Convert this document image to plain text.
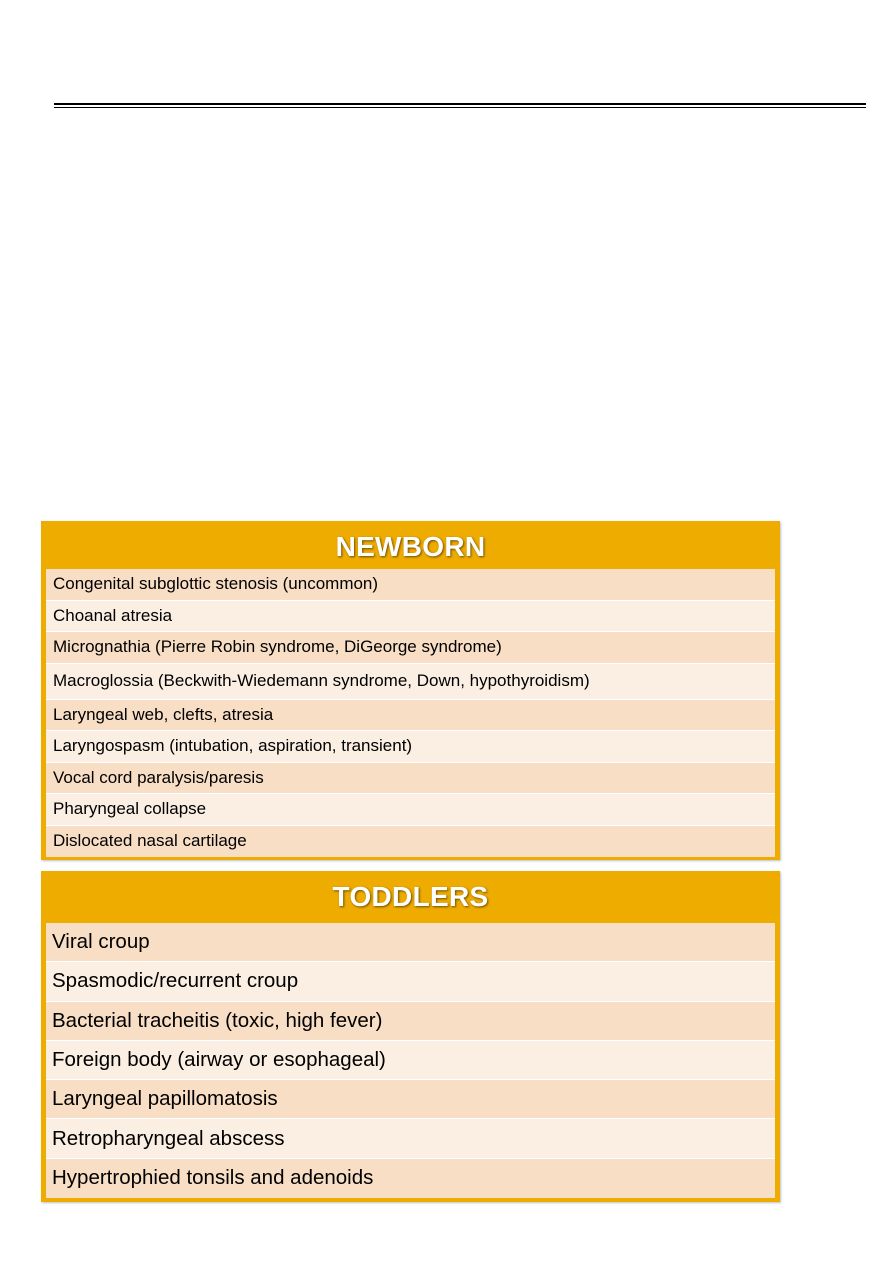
NEWBORN
Congenital subglottic stenosis (uncommon)
Choanal atresia
Micrognathia (Pierre Robin syndrome, DiGeorge syndrome)
Macroglossia (Beckwith-Wiedemann syndrome, Down, hypothyroidism)
Laryngeal web, clefts, atresia
Laryngospasm (intubation, aspiration, transient)
Vocal cord paralysis/paresis
Pharyngeal collapse
Dislocated nasal cartilage
TODDLERS
Viral croup
Spasmodic/recurrent croup
Bacterial tracheitis (toxic, high fever)
Foreign body (airway or esophageal)
Laryngeal papillomatosis
Retropharyngeal abscess
Hypertrophied tonsils and adenoids
